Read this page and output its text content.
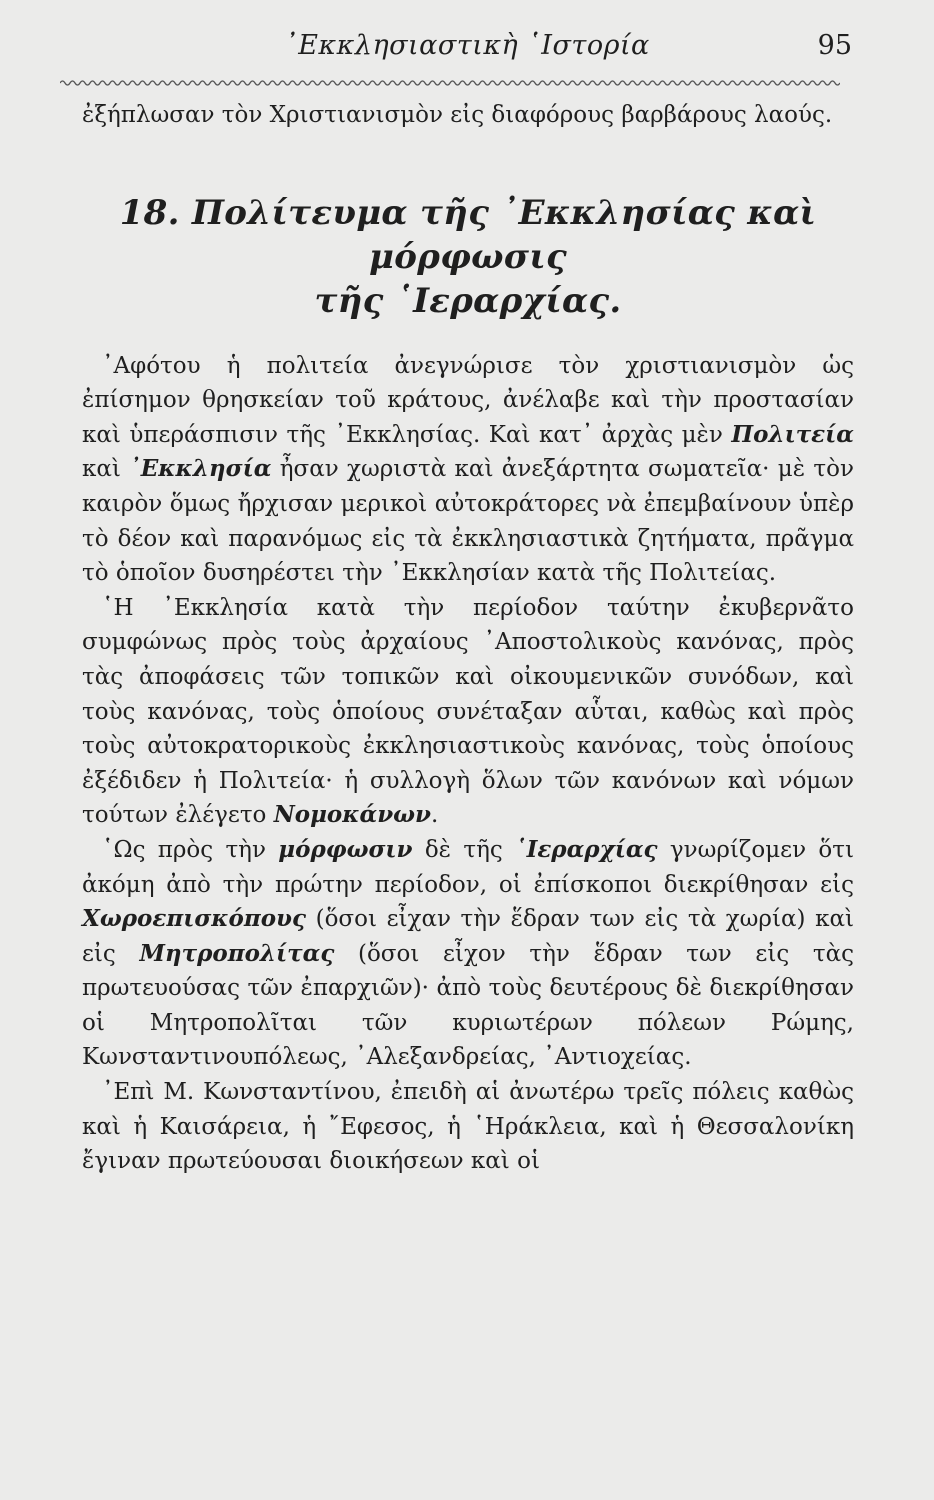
᾿Εκκλησιαστικὴ ῾Ιστορία	95

ἐξήπλωσαν τὸν Χριστιανισμὸν εἰς διαφόρους βαρβάρους λαούς.

18. Πολίτευμα τῆς ᾿Εκκλησίας καὶ μόρφωσις
τῆς ῾Ιεραρχίας.

᾿Αφότου ἡ πολιτεία ἀνεγνώρισε τὸν χριστιανισμὸν ὡς ἐπίσημον θρησκείαν τοῦ κράτους, ἀνέλαβε καὶ τὴν προστασίαν καὶ ὑπεράσπισιν τῆς ᾿Εκκλησίας. Καὶ κατ᾿ ἀρχὰς μὲν Πολιτεία καὶ ᾿Εκκλησία ἦσαν χωριστὰ καὶ ἀνεξάρτητα σωματεῖα· μὲ τὸν καιρὸν ὅμως ἤρχισαν μερικοὶ αὐτοκράτορες νὰ ἐπεμβαίνουν ὑπὲρ τὸ δέον καὶ παρανόμως εἰς τὰ ἐκκλησιαστικὰ ζητήματα, πρᾶγμα τὸ ὁποῖον δυσηρέστει τὴν ᾿Εκκλησίαν κατὰ τῆς Πολιτείας.

῾Η ᾿Εκκλησία κατὰ τὴν περίοδον ταύτην ἐκυβερνᾶτο συμφώνως πρὸς τοὺς ἀρχαίους ᾿Αποστολικοὺς κανόνας, πρὸς τὰς ἀποφάσεις τῶν τοπικῶν καὶ οἰκουμενικῶν συνόδων, καὶ τοὺς κανόνας, τοὺς ὁποίους συνέταξαν αὗται, καθὼς καὶ πρὸς τοὺς αὐτοκρατορικοὺς ἐκκλησιαστικοὺς κανόνας, τοὺς ὁποίους ἐξέδιδεν ἡ Πολιτεία· ἡ συλλογὴ ὅλων τῶν κανόνων καὶ νόμων τούτων ἐλέγετο Νομοκάνων.

῾Ως πρὸς τὴν μόρφωσιν δὲ τῆς ῾Ιεραρχίας γνωρίζομεν ὅτι ἀκόμη ἀπὸ τὴν πρώτην περίοδον, οἱ ἐπίσκοποι διεκρίθησαν εἰς Χωροεπισκόπους (ὅσοι εἶχαν τὴν ἕδραν των εἰς τὰ χωρία) καὶ εἰς Μητροπολίτας (ὅσοι εἶχον τὴν ἕδραν των εἰς τὰς πρωτευούσας τῶν ἐπαρχιῶν)· ἀπὸ τοὺς δευτέρους δὲ διεκρίθησαν οἱ Μητροπολῖται τῶν κυριωτέρων πόλεων Ρώμης, Κωνσταντινουπόλεως, ᾿Αλεξανδρείας, ᾿Αντιοχείας.

᾿Επὶ Μ. Κωνσταντίνου, ἐπειδὴ αἱ ἀνωτέρω τρεῖς πόλεις καθὼς καὶ ἡ Καισάρεια, ἡ ῎Εφεσος, ἡ ῾Ηράκλεια, καὶ ἡ Θεσσαλονίκη ἔγιναν πρωτεύουσαι διοικήσεων καὶ οἱ
